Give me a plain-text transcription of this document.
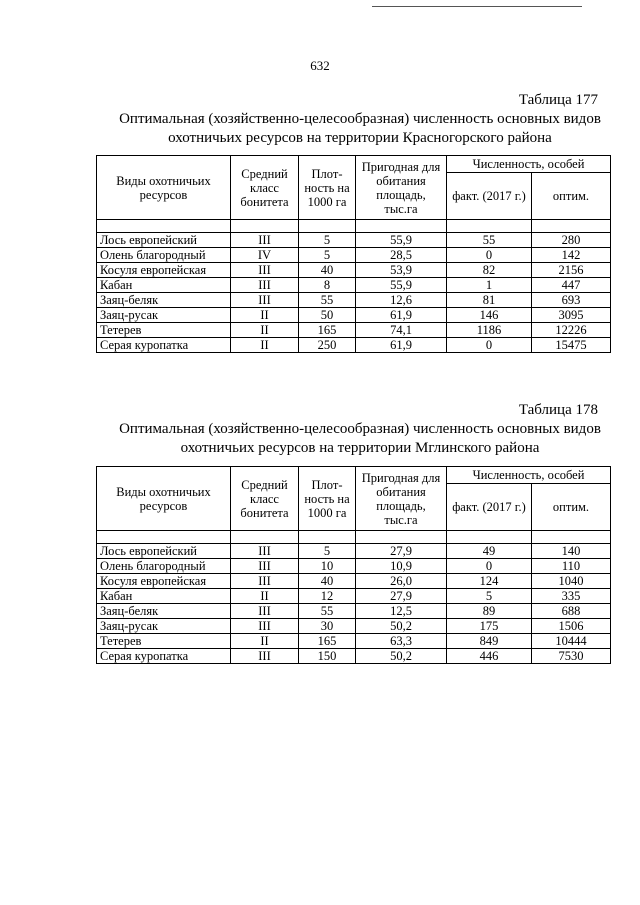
632
Таблица 177
Оптимальная (хозяйственно-целесообразная) численность основных видов
охотничьих ресурсов на территории Красногорского района
Виды охотничьих ресурсов	Средний класс бонитета	Плот-ность на 1000 га	Пригодная для обитания площадь, тыс.га	Численность, особей	
				факт. (2017 г.)	оптим.

Лось европейский	III	5	55,9	55	280
Олень благородный	IV	5	28,5	0	142
Косуля европейская	III	40	53,9	82	2156
Кабан	III	8	55,9	1	447
Заяц-беляк	III	55	12,6	81	693
Заяц-русак	II	50	61,9	146	3095
Тетерев	II	165	74,1	1186	12226
Серая куропатка	II	250	61,9	0	15475
Таблица 178
Оптимальная (хозяйственно-целесообразная) численность основных видов
охотничьих ресурсов на территории Мглинского района
Виды охотничьих ресурсов	Средний класс бонитета	Плот-ность на 1000 га	Пригодная для обитания площадь, тыс.га	Численность, особей	
				факт. (2017 г.)	оптим.

Лось европейский	III	5	27,9	49	140
Олень благородный	III	10	10,9	0	110
Косуля европейская	III	40	26,0	124	1040
Кабан	II	12	27,9	5	335
Заяц-беляк	III	55	12,5	89	688
Заяц-русак	III	30	50,2	175	1506
Тетерев	II	165	63,3	849	10444
Серая куропатка	III	150	50,2	446	7530
